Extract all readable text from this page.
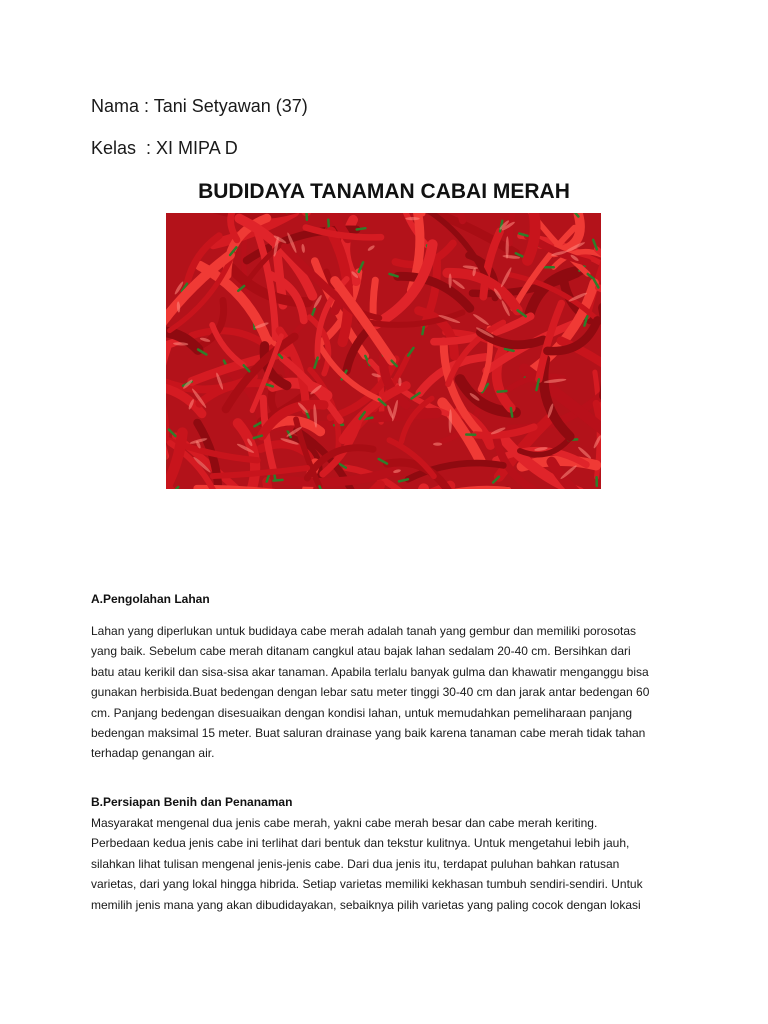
Nama : Tani Setyawan (37)
Kelas  : XI MIPA D
BUDIDAYA TANAMAN CABAI MERAH
A.Pengolahan Lahan
Lahan yang diperlukan untuk budidaya cabe merah adalah tanah yang gembur dan memiliki porosotas
yang baik. Sebelum cabe merah ditanam cangkul atau bajak lahan sedalam 20-40 cm. Bersihkan dari
batu atau kerikil dan sisa-sisa akar tanaman. Apabila terlalu banyak gulma dan khawatir menganggu bisa
gunakan herbisida.Buat bedengan dengan lebar satu meter tinggi 30-40 cm dan jarak antar bedengan 60
cm. Panjang bedengan disesuaikan dengan kondisi lahan, untuk memudahkan pemeliharaan panjang
bedengan maksimal 15 meter. Buat saluran drainase yang baik karena tanaman cabe merah tidak tahan
terhadap genangan air.
B.Persiapan Benih dan Penanaman
Masyarakat mengenal dua jenis cabe merah, yakni cabe merah besar dan cabe merah keriting.
Perbedaan kedua jenis cabe ini terlihat dari bentuk dan tekstur kulitnya. Untuk mengetahui lebih jauh,
silahkan lihat tulisan mengenal jenis-jenis cabe. Dari dua jenis itu, terdapat puluhan bahkan ratusan
varietas, dari yang lokal hingga hibrida. Setiap varietas memiliki kekhasan tumbuh sendiri-sendiri. Untuk
memilih jenis mana yang akan dibudidayakan, sebaiknya pilih varietas yang paling cocok dengan lokasi
